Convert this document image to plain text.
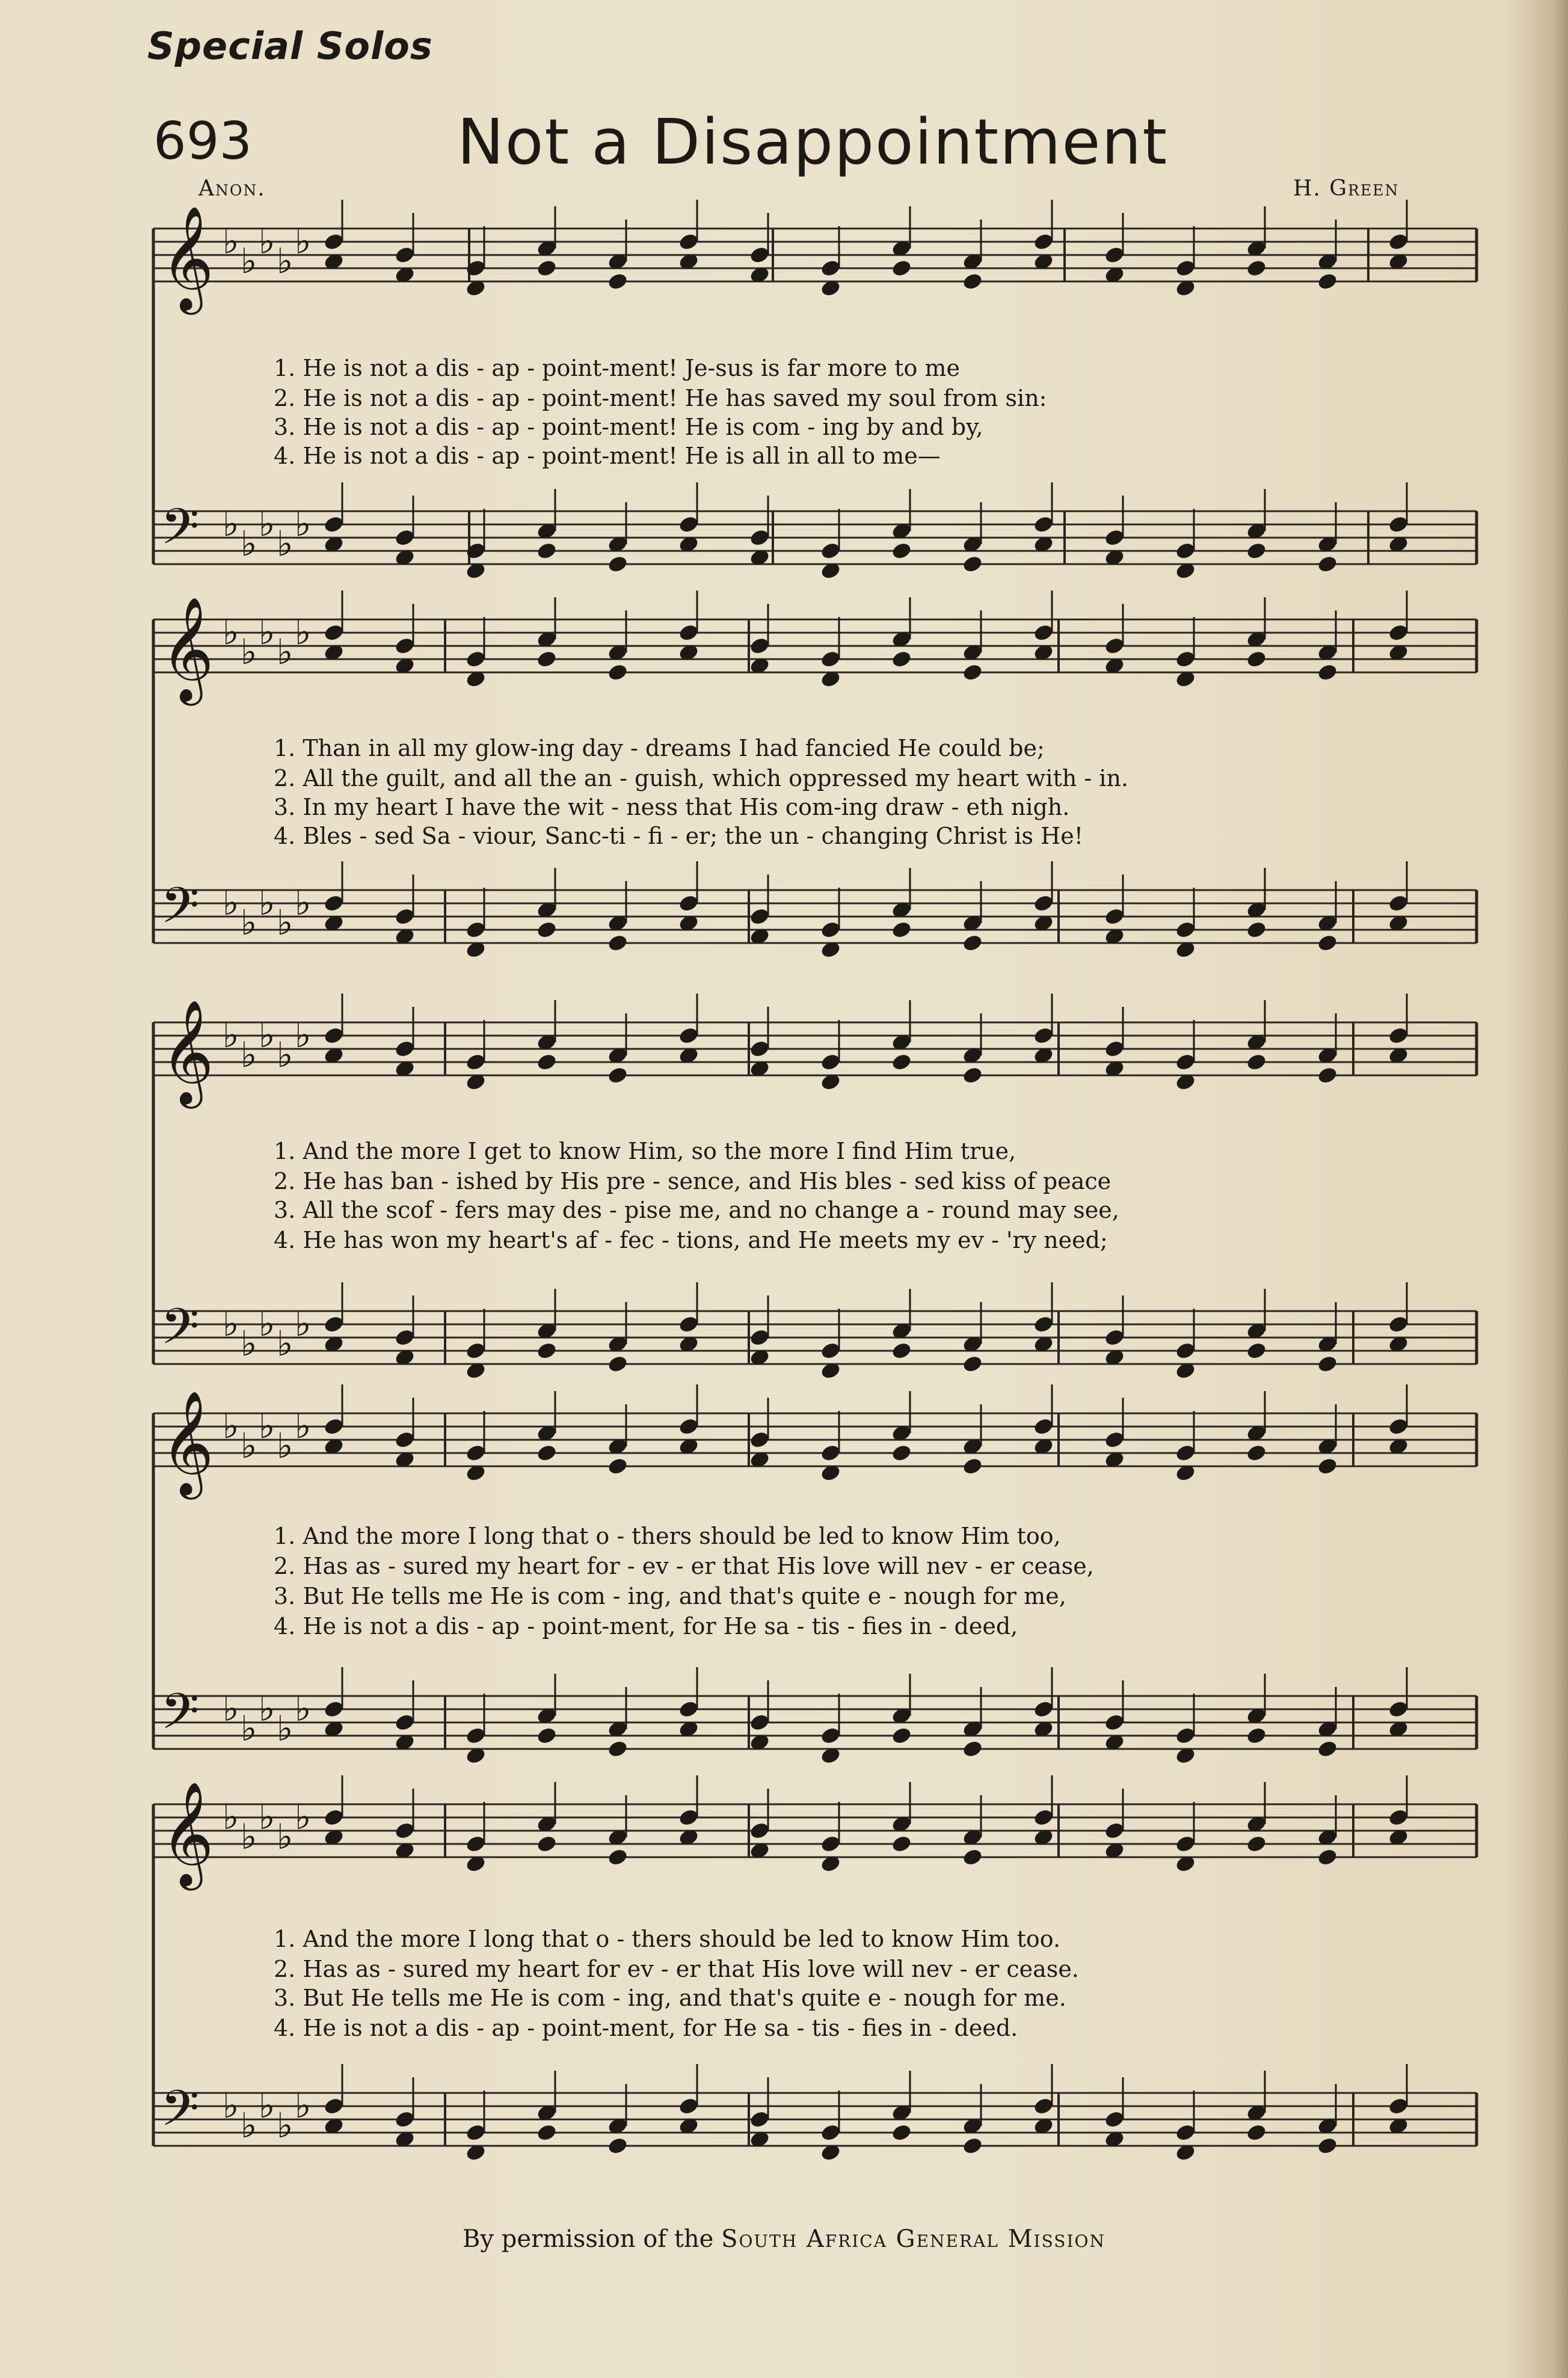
Special Solos
693	Not a Disappointment
Anon.	H. Green
𝄞 ♭ ♭ ♭ ♭ ♭
𝄞 ♭ ♭ ♭ ♭ ♭
𝄞 ♭ ♭ ♭ ♭ ♭
𝄞 ♭ ♭ ♭ ♭ ♭
𝄞 ♭ ♭ ♭ ♭ ♭
𝄢 ♭ ♭ ♭ ♭ ♭
𝄢 ♭ ♭ ♭ ♭ ♭
𝄢 ♭ ♭ ♭ ♭ ♭
𝄢 ♭ ♭ ♭ ♭ ♭
𝄢 ♭ ♭ ♭ ♭ ♭
1. He is not a dis - ap - point-ment! Je-sus is far more to me
2. He is not a dis - ap - point-ment! He has saved my soul from sin:
3. He is not a dis - ap - point-ment! He is com - ing by and by,
4. He is not a dis - ap - point-ment! He is all in all to me—
1. Than in all my glow-ing day - dreams I had fancied He could be;
2. All the guilt, and all the an - guish, which oppressed my heart with - in.
3. In my heart I have the wit - ness that His com-ing draw - eth nigh.
4. Bles - sed Sa - viour, Sanc-ti - fi - er; the un - changing Christ is He!
1. And the more I get to know Him, so the more I find Him true,
2. He has ban - ished by His pre - sence, and His bles - sed kiss of peace
3. All the scof - fers may des - pise me, and no change a - round may see,
4. He has won my heart's af - fec - tions, and He meets my ev - 'ry need;
1. And the more I long that o - thers should be led to know Him too,
2. Has as - sured my heart for - ev - er that His love will nev - er cease,
3. But He tells me He is com - ing, and that's quite e - nough for me,
4. He is not a dis - ap - point-ment, for He sa - tis - fies in - deed,
1. And the more I long that o - thers should be led to know Him too.
2. Has as - sured my heart for ev - er that His love will nev - er cease.
3. But He tells me He is com - ing, and that's quite e - nough for me.
4. He is not a dis - ap - point-ment, for He sa - tis - fies in - deed.
By permission of the South Africa General Mission
